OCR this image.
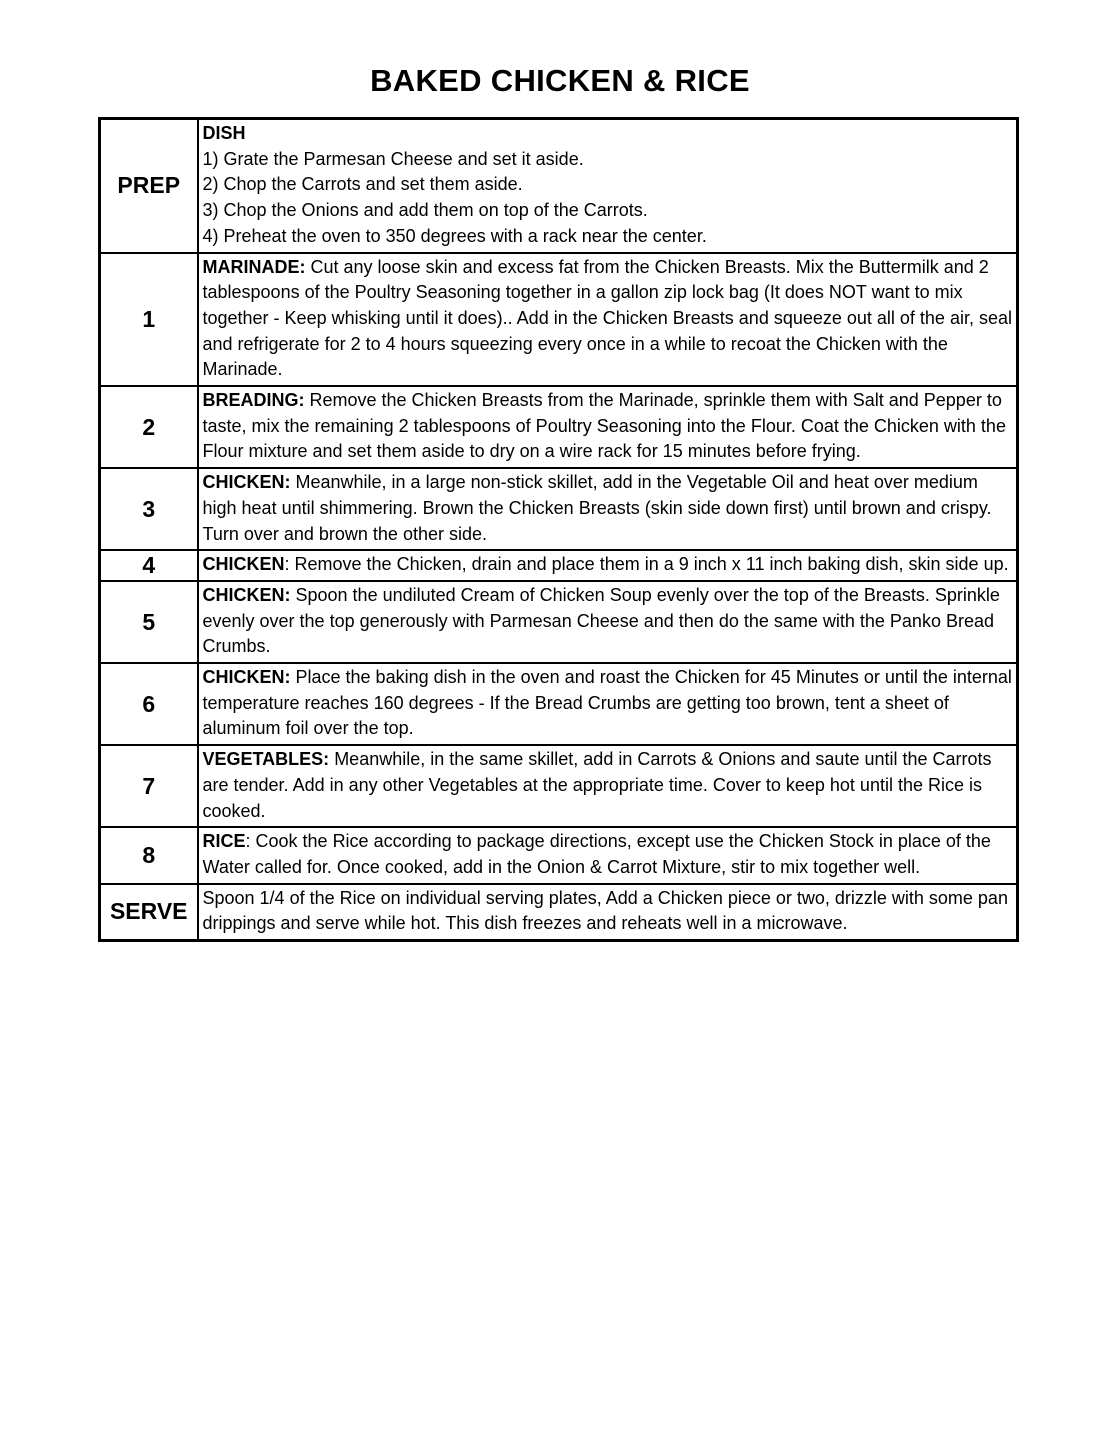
BAKED CHICKEN & RICE
PREP	DISH
1) Grate the Parmesan Cheese and set it aside.
2) Chop the Carrots and set them aside.
3) Chop the Onions and add them on top of the Carrots.
4) Preheat the oven to 350 degrees with a rack near the center.

1	MARINADE: Cut any loose skin and excess fat from the Chicken Breasts. Mix the Buttermilk and 2 tablespoons of the Poultry Seasoning together in a gallon zip lock bag (It does NOT want to mix together - Keep whisking until it does).. Add in the Chicken Breasts and squeeze out all of the air, seal and refrigerate for 2 to 4 hours squeezing every once in a while to recoat the Chicken with the Marinade.

2	BREADING: Remove the Chicken Breasts from the Marinade, sprinkle them with Salt and Pepper to taste, mix the remaining 2 tablespoons of Poultry Seasoning into the Flour. Coat the Chicken with the Flour mixture and set them aside to dry on a wire rack for 15 minutes before frying.

3	CHICKEN: Meanwhile, in a large non-stick skillet, add in the Vegetable Oil and heat over medium high heat until shimmering. Brown the Chicken Breasts (skin side down first) until brown and crispy. Turn over and brown the other side.

4	CHICKEN: Remove the Chicken, drain and place them in a 9 inch x 11 inch baking dish, skin side up.

5	CHICKEN: Spoon the undiluted Cream of Chicken Soup evenly over the top of the Breasts. Sprinkle evenly over the top generously with Parmesan Cheese and then do the same with the Panko Bread Crumbs.

6	CHICKEN: Place the baking dish in the oven and roast the Chicken for 45 Minutes or until the internal temperature reaches 160 degrees - If the Bread Crumbs are getting too brown, tent a sheet of aluminum foil over the top.

7	VEGETABLES: Meanwhile, in the same skillet, add in Carrots & Onions and saute until the Carrots are tender. Add in any other Vegetables at the appropriate time. Cover to keep hot until the Rice is cooked.

8	RICE: Cook the Rice according to package directions, except use the Chicken Stock in place of the Water called for. Once cooked, add in the Onion & Carrot Mixture, stir to mix together well.

SERVE	Spoon 1/4 of the Rice on individual serving plates, Add a Chicken piece or two, drizzle with some pan drippings and serve while hot. This dish freezes and reheats well in a microwave.
